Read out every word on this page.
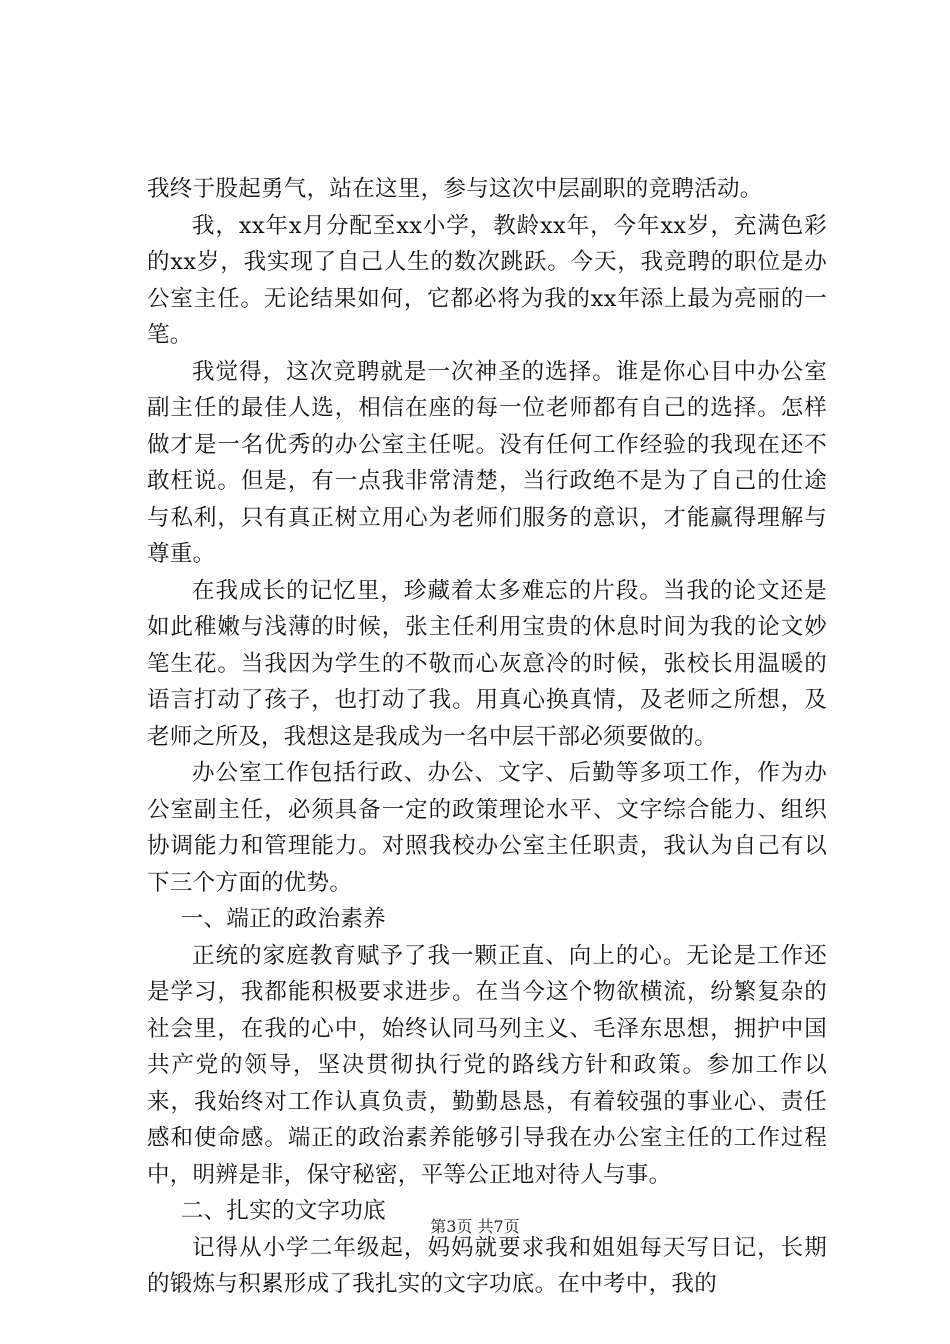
我终于股起勇气，站在这里，参与这次中层副职的竞聘活动。

我，xx年x月分配至xx小学，教龄xx年，今年xx岁，充满色彩的xx岁，我实现了自己人生的数次跳跃。今天，我竞聘的职位是办公室主任。无论结果如何，它都必将为我的xx年添上最为亮丽的一笔。

我觉得，这次竞聘就是一次神圣的选择。谁是你心目中办公室副主任的最佳人选，相信在座的每一位老师都有自己的选择。怎样做才是一名优秀的办公室主任呢。没有任何工作经验的我现在还不敢枉说。但是，有一点我非常清楚，当行政绝不是为了自己的仕途与私利，只有真正树立用心为老师们服务的意识，才能赢得理解与尊重。

在我成长的记忆里，珍藏着太多难忘的片段。当我的论文还是如此稚嫩与浅薄的时候，张主任利用宝贵的休息时间为我的论文妙笔生花。当我因为学生的不敬而心灰意冷的时候，张校长用温暖的语言打动了孩子，也打动了我。用真心换真情，及老师之所想，及老师之所及，我想这是我成为一名中层干部必须要做的。

办公室工作包括行政、办公、文字、后勤等多项工作，作为办公室副主任，必须具备一定的政策理论水平、文字综合能力、组织协调能力和管理能力。对照我校办公室主任职责，我认为自己有以下三个方面的优势。

一、端正的政治素养

正统的家庭教育赋予了我一颗正直、向上的心。无论是工作还是学习，我都能积极要求进步。在当今这个物欲横流，纷繁复杂的社会里，在我的心中，始终认同马列主义、毛泽东思想，拥护中国共产党的领导，坚决贯彻执行党的路线方针和政策。参加工作以来，我始终对工作认真负责，勤勤恳恳，有着较强的事业心、责任感和使命感。端正的政治素养能够引导我在办公室主任的工作过程中，明辨是非，保守秘密，平等公正地对待人与事。

二、扎实的文字功底

记得从小学二年级起，妈妈就要求我和姐姐每天写日记，长期的锻炼与积累形成了我扎实的文字功底。在中考中，我的

第3页 共7页
